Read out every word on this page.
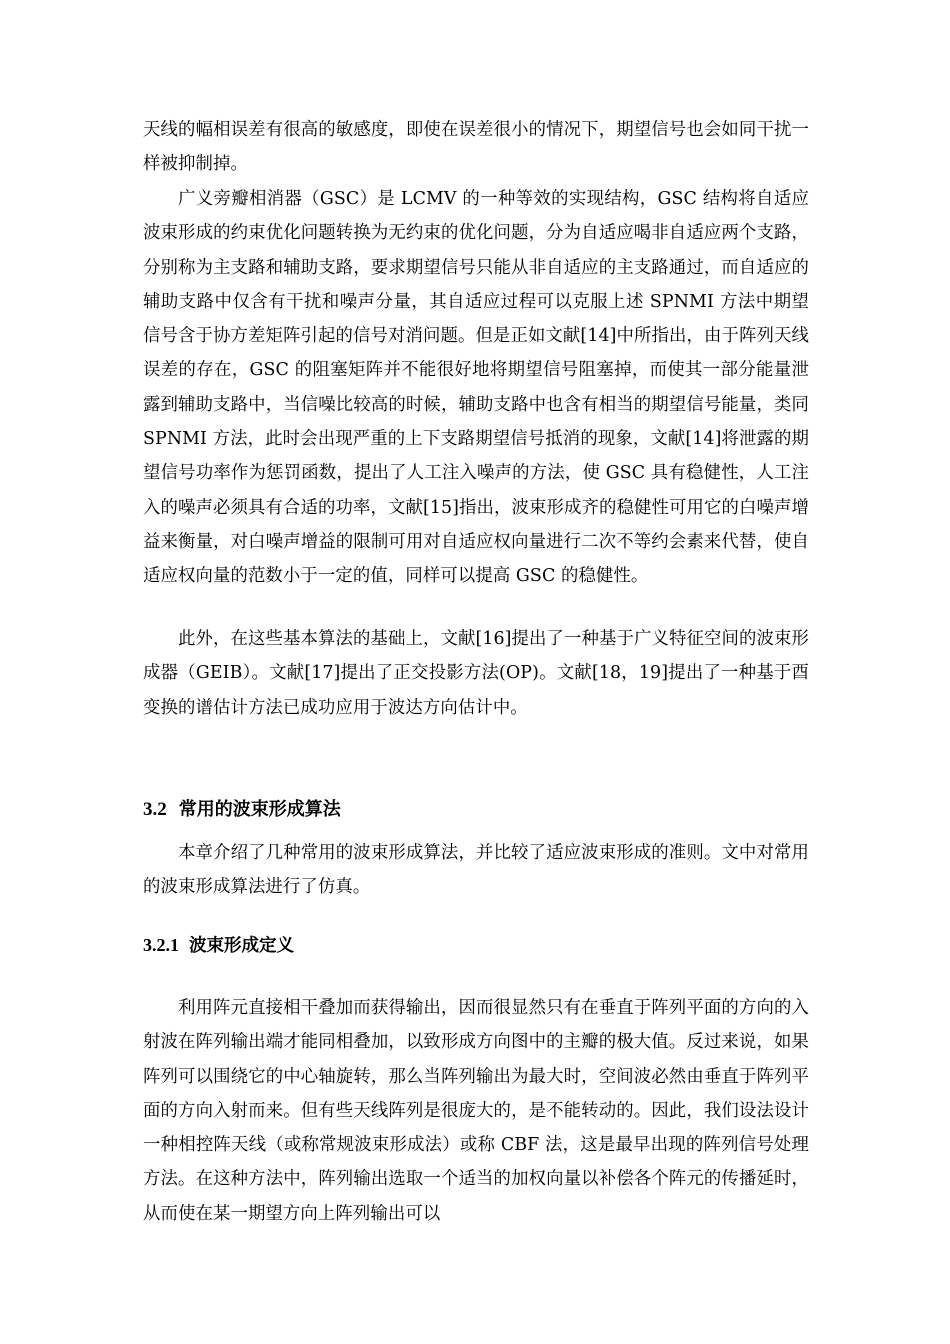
天线的幅相误差有很高的敏感度，即使在误差很小的情况下，期望信号也会如同干扰一样被抑制掉。

广义旁瓣相消器（GSC）是 LCMV 的一种等效的实现结构，GSC 结构将自适应波束形成的约束优化问题转换为无约束的优化问题，分为自适应喝非自适应两个支路，分别称为主支路和辅助支路，要求期望信号只能从非自适应的主支路通过，而自适应的辅助支路中仅含有干扰和噪声分量，其自适应过程可以克服上述 SPNMI 方法中期望信号含于协方差矩阵引起的信号对消问题。但是正如文献[14]中所指出，由于阵列天线误差的存在，GSC 的阻塞矩阵并不能很好地将期望信号阻塞掉，而使其一部分能量泄露到辅助支路中，当信噪比较高的时候，辅助支路中也含有相当的期望信号能量，类同 SPNMI 方法，此时会出现严重的上下支路期望信号抵消的现象，文献[14]将泄露的期望信号功率作为惩罚函数，提出了人工注入噪声的方法，使 GSC 具有稳健性，人工注入的噪声必须具有合适的功率，文献[15]指出，波束形成齐的稳健性可用它的白噪声增益来衡量，对白噪声增益的限制可用对自适应权向量进行二次不等约会素来代替，使自适应权向量的范数小于一定的值，同样可以提高 GSC 的稳健性。

此外，在这些基本算法的基础上，文献[16]提出了一种基于广义特征空间的波束形成器（GEIB）。文献[17]提出了正交投影方法(OP)。文献[18，19]提出了一种基于酉变换的谱估计方法已成功应用于波达方向估计中。

3.2 常用的波束形成算法

本章介绍了几种常用的波束形成算法，并比较了适应波束形成的准则。文中对常用的波束形成算法进行了仿真。

3.2.1 波束形成定义

利用阵元直接相干叠加而获得输出，因而很显然只有在垂直于阵列平面的方向的入射波在阵列输出端才能同相叠加，以致形成方向图中的主瓣的极大值。反过来说，如果阵列可以围绕它的中心轴旋转，那么当阵列输出为最大时，空间波必然由垂直于阵列平面的方向入射而来。但有些天线阵列是很庞大的，是不能转动的。因此，我们设法设计一种相控阵天线（或称常规波束形成法）或称 CBF 法，这是最早出现的阵列信号处理方法。在这种方法中，阵列输出选取一个适当的加权向量以补偿各个阵元的传播延时，从而使在某一期望方向上阵列输出可以
